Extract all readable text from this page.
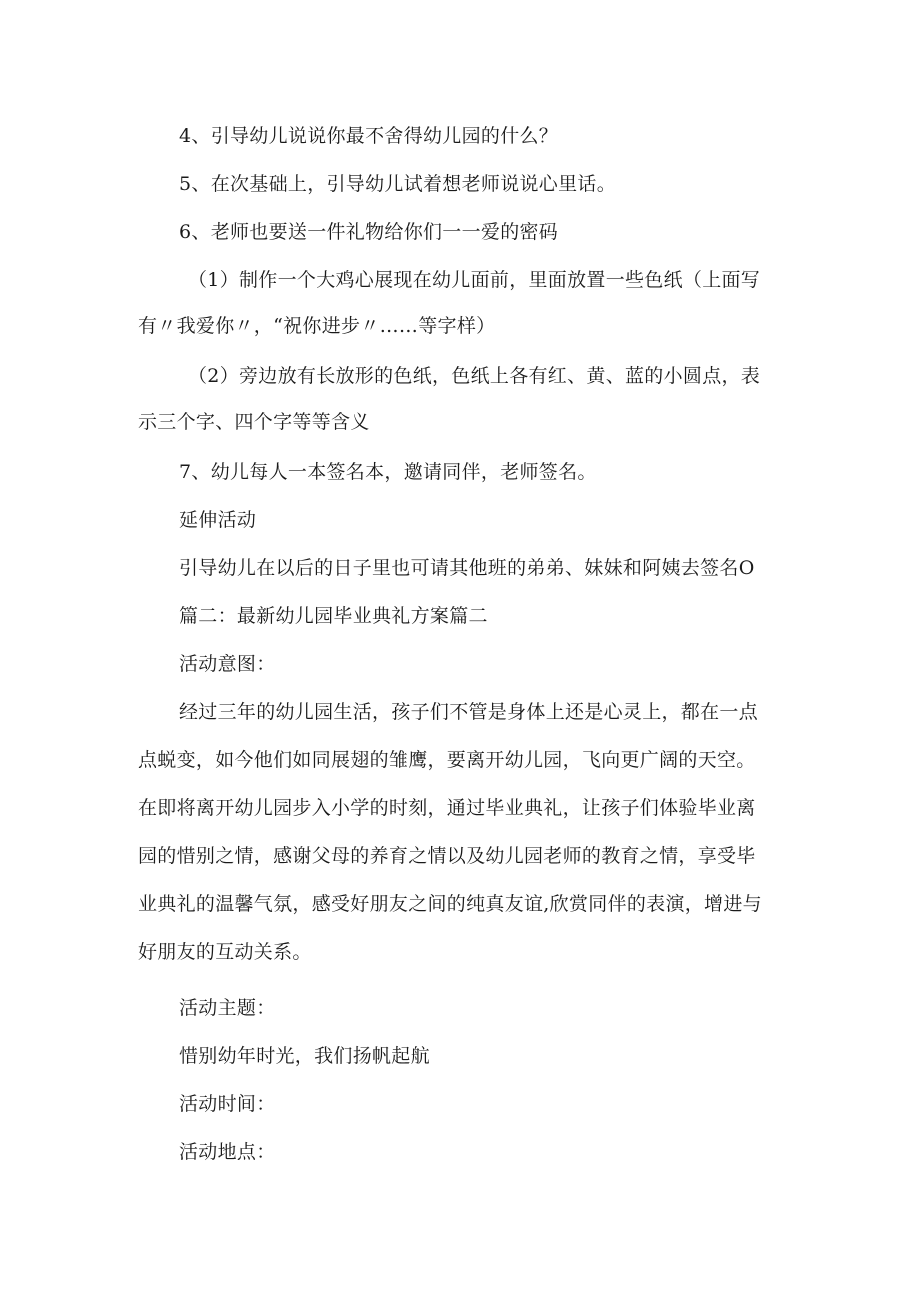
4、引导幼儿说说你最不舍得幼儿园的什么？
5、在次基础上，引导幼儿试着想老师说说心里话。
6、老师也要送一件礼物给你们一一爱的密码
（1）制作一个大鸡心展现在幼儿面前，里面放置一些色纸（上面写
有〃我爱你〃，“祝你进步〃……等字样）
（2）旁边放有长放形的色纸，色纸上各有红、黄、蓝的小圆点，表
示三个字、四个字等等含义
7、幼儿每人一本签名本，邀请同伴，老师签名。
延伸活动
引导幼儿在以后的日子里也可请其他班的弟弟、妹妹和阿姨去签名O
篇二：最新幼儿园毕业典礼方案篇二
活动意图：
经过三年的幼儿园生活，孩子们不管是身体上还是心灵上，都在一点
点蜕变，如今他们如同展翅的雏鹰，要离开幼儿园，飞向更广阔的天空。
在即将离开幼儿园步入小学的时刻，通过毕业典礼，让孩子们体验毕业离
园的惜别之情，感谢父母的养育之情以及幼儿园老师的教育之情，享受毕
业典礼的温馨气氛，感受好朋友之间的纯真友谊,欣赏同伴的表演，增进与
好朋友的互动关系。
活动主题：
惜别幼年时光，我们扬帆起航
活动时间：
活动地点：
